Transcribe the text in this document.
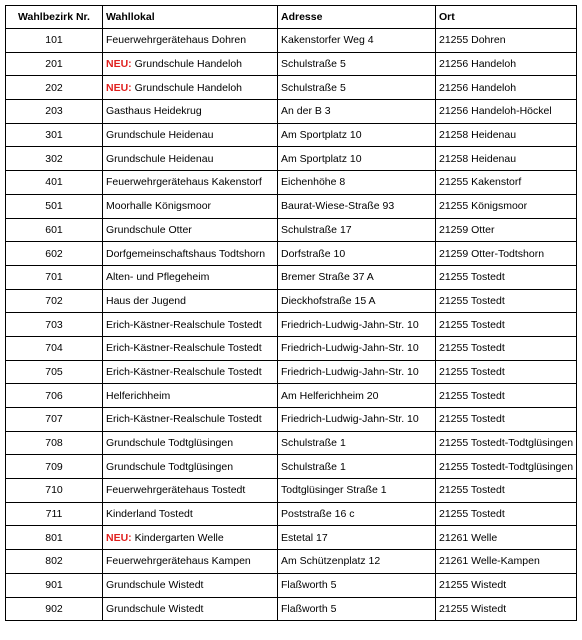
Wahlbezirk Nr.	Wahllokal	Adresse	Ort
101	Feuerwehrgerätehaus Dohren	Kakenstorfer Weg 4	21255 Dohren
201	NEU: Grundschule Handeloh	Schulstraße 5	21256 Handeloh
202	NEU: Grundschule Handeloh	Schulstraße 5	21256 Handeloh
203	Gasthaus Heidekrug	An der B 3	21256 Handeloh-Höckel
301	Grundschule Heidenau	Am Sportplatz 10	21258 Heidenau
302	Grundschule Heidenau	Am Sportplatz 10	21258 Heidenau
401	Feuerwehrgerätehaus Kakenstorf	Eichenhöhe 8	21255 Kakenstorf
501	Moorhalle Königsmoor	Baurat-Wiese-Straße 93	21255 Königsmoor
601	Grundschule Otter	Schulstraße 17	21259 Otter
602	Dorfgemeinschaftshaus Todtshorn	Dorfstraße 10	21259 Otter-Todtshorn
701	Alten- und Pflegeheim	Bremer Straße 37 A	21255 Tostedt
702	Haus der Jugend	Dieckhofstraße 15 A	21255 Tostedt
703	Erich-Kästner-Realschule Tostedt	Friedrich-Ludwig-Jahn-Str. 10	21255 Tostedt
704	Erich-Kästner-Realschule Tostedt	Friedrich-Ludwig-Jahn-Str. 10	21255 Tostedt
705	Erich-Kästner-Realschule Tostedt	Friedrich-Ludwig-Jahn-Str. 10	21255 Tostedt
706	Helferichheim	Am Helferichheim 20	21255 Tostedt
707	Erich-Kästner-Realschule Tostedt	Friedrich-Ludwig-Jahn-Str. 10	21255 Tostedt
708	Grundschule Todtglüsingen	Schulstraße 1	21255 Tostedt-Todtglüsingen
709	Grundschule Todtglüsingen	Schulstraße 1	21255 Tostedt-Todtglüsingen
710	Feuerwehrgerätehaus Tostedt	Todtglüsinger Straße 1	21255 Tostedt
711	Kinderland Tostedt	Poststraße 16 c	21255 Tostedt
801	NEU: Kindergarten Welle	Estetal 17	21261 Welle
802	Feuerwehrgerätehaus Kampen	Am Schützenplatz 12	21261 Welle-Kampen
901	Grundschule Wistedt	Flaßworth 5	21255 Wistedt
902	Grundschule Wistedt	Flaßworth 5	21255 Wistedt
